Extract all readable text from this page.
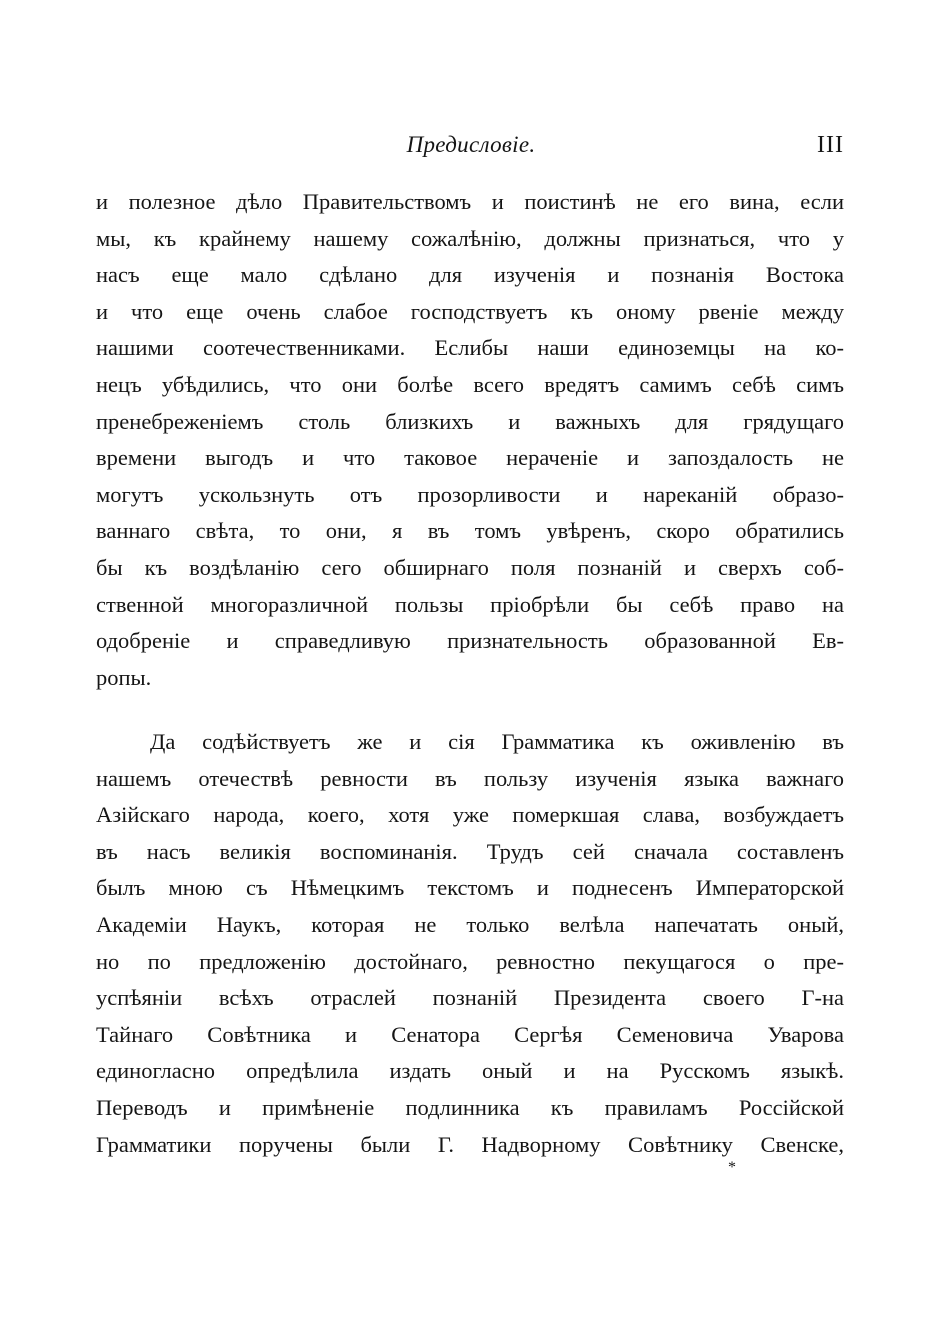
Предисловіе.	III
и полезное дѣло Правительствомъ и поистинѣ не его вина, если
мы, къ крайнему нашему сожалѣнію, должны признаться, что у
насъ еще мало сдѣлано для изученія и познанія Востока
и что еще очень слабое господствуетъ къ оному рвеніе между
нашими соотечественниками. Еслибы наши единоземцы на ко-
нецъ убѣдились, что они болѣе всего вредятъ самимъ себѣ симъ
пренебреженіемъ столь близкихъ и важныхъ для грядущаго
времени выгодъ и что таковое нераченіе и запоздалость не
могутъ ускользнуть отъ прозорливости и нареканій образо-
ваннаго свѣта, то они, я въ томъ увѣренъ, скоро обратились
бы къ воздѣланію сего обширнаго поля познаній и сверхъ соб-
ственной многоразличной пользы пріобрѣли бы себѣ право на
одобреніе и справедливую признательность образованной Ев-
ропы.
Да содѣйствуетъ же и сія Грамматика къ оживленію въ
нашемъ отечествѣ ревности въ пользу изученія языка важнаго
Азійскаго народа, коего, хотя уже померкшая слава, возбуждаетъ
въ насъ великія воспоминанія. Трудъ сей сначала составленъ
былъ мною съ Нѣмецкимъ текстомъ и поднесенъ Императорской
Академіи Наукъ, которая не только велѣла напечатать оный,
но по предложенію достойнаго, ревностно пекущагося о пре-
успѣяніи всѣхъ отраслей познаній Президента своего Г-на
Тайнаго Совѣтника и Сенатора Сергѣя Семеновича Уварова
единогласно опредѣлила издать оный и на Русскомъ языкѣ.
Переводъ и примѣненіе подлинника къ правиламъ Россійской
Грамматики поручены были Г. Надворному Совѣтнику Свенске,
*
